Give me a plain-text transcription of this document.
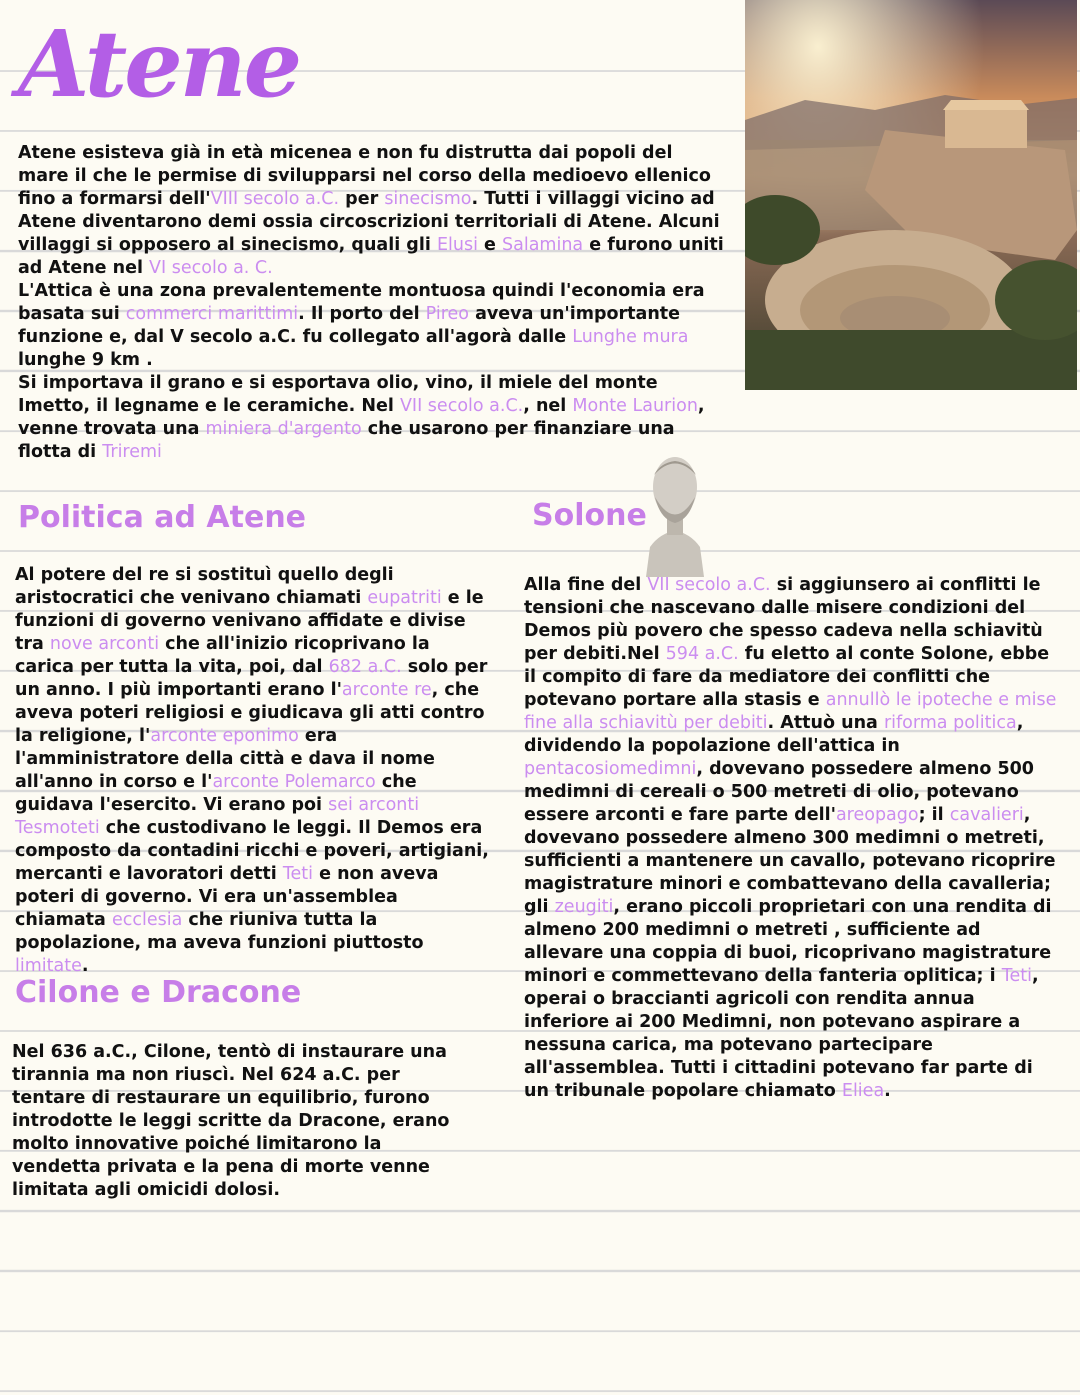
Atene

Atene esisteva già in età micenea e non fu distrutta dai popoli del mare il che le permise di svilupparsi nel corso della medioevo ellenico fino a formarsi dell'VIII secolo a.C. per sinecismo. Tutti i villaggi vicino ad Atene diventarono demi ossia circoscrizioni territoriali di Atene. Alcuni villaggi si opposero al sinecismo, quali gli Elusi e Salamina e furono uniti ad Atene nel VI secolo a. C.

L'Attica è una zona prevalentemente montuosa quindi l'economia era basata sui commerci marittimi. Il porto del Pireo aveva un'importante funzione e, dal V secolo a.C. fu collegato all'agorà dalle Lunghe mura lunghe 9 km .

Si importava il grano e si esportava olio, vino, il miele del monte Imetto, il legname e le ceramiche. Nel VII secolo a.C., nel Monte Laurion, venne trovata una miniera d'argento che usarono per finanziare una flotta di Triremi

Politica ad Atene

Al potere del re si sostituì quello degli aristocratici che venivano chiamati eupatriti e le funzioni di governo venivano affidate e divise tra nove arconti che all'inizio ricoprivano la carica per tutta la vita, poi, dal 682 a.C. solo per un anno. I più importanti erano l'arconte re, che aveva poteri religiosi e giudicava gli atti contro la religione, l'arconte eponimo era l'amministratore della città e dava il nome all'anno in corso e l'arconte Polemarco che guidava l'esercito. Vi erano poi sei arconti Tesmoteti che custodivano le leggi. Il Demos era composto da contadini ricchi e poveri, artigiani, mercanti e lavoratori detti Teti e non aveva poteri di governo. Vi era un'assemblea chiamata ecclesia che riuniva tutta la popolazione, ma aveva funzioni piuttosto limitate.

Cilone e Dracone

Nel 636 a.C., Cilone, tentò di instaurare una tirannia ma non riuscì. Nel 624 a.C. per tentare di restaurare un equilibrio, furono introdotte le leggi scritte da Dracone, erano molto innovative poiché limitarono la vendetta privata e la pena di morte venne limitata agli omicidi dolosi.

Solone

Alla fine del VII secolo a.C. si aggiunsero ai conflitti le tensioni che nascevano dalle misere condizioni del Demos più povero che spesso cadeva nella schiavitù per debiti.Nel 594 a.C. fu eletto al conte Solone, ebbe il compito di fare da mediatore dei conflitti che potevano portare alla stasis e annullò le ipoteche e mise fine alla schiavitù per debiti. Attuò una riforma politica, dividendo la popolazione dell'attica in pentacosiomedimni, dovevano possedere almeno 500 medimni di cereali o 500 metreti di olio, potevano essere arconti e fare parte dell'areopago; il cavalieri, dovevano possedere almeno 300 medimni o metreti, sufficienti a mantenere un cavallo, potevano ricoprire magistrature minori e combattevano della cavalleria; gli zeugiti, erano piccoli proprietari con una rendita di almeno 200 medimni o metreti , sufficiente ad allevare una coppia di buoi, ricoprivano magistrature minori e commettevano della fanteria oplitica; i Teti, operai o braccianti agricoli con rendita annua inferiore ai 200 Medimni, non potevano aspirare a nessuna carica, ma potevano partecipare all'assemblea. Tutti i cittadini potevano far parte di un tribunale popolare chiamato Eliea.
